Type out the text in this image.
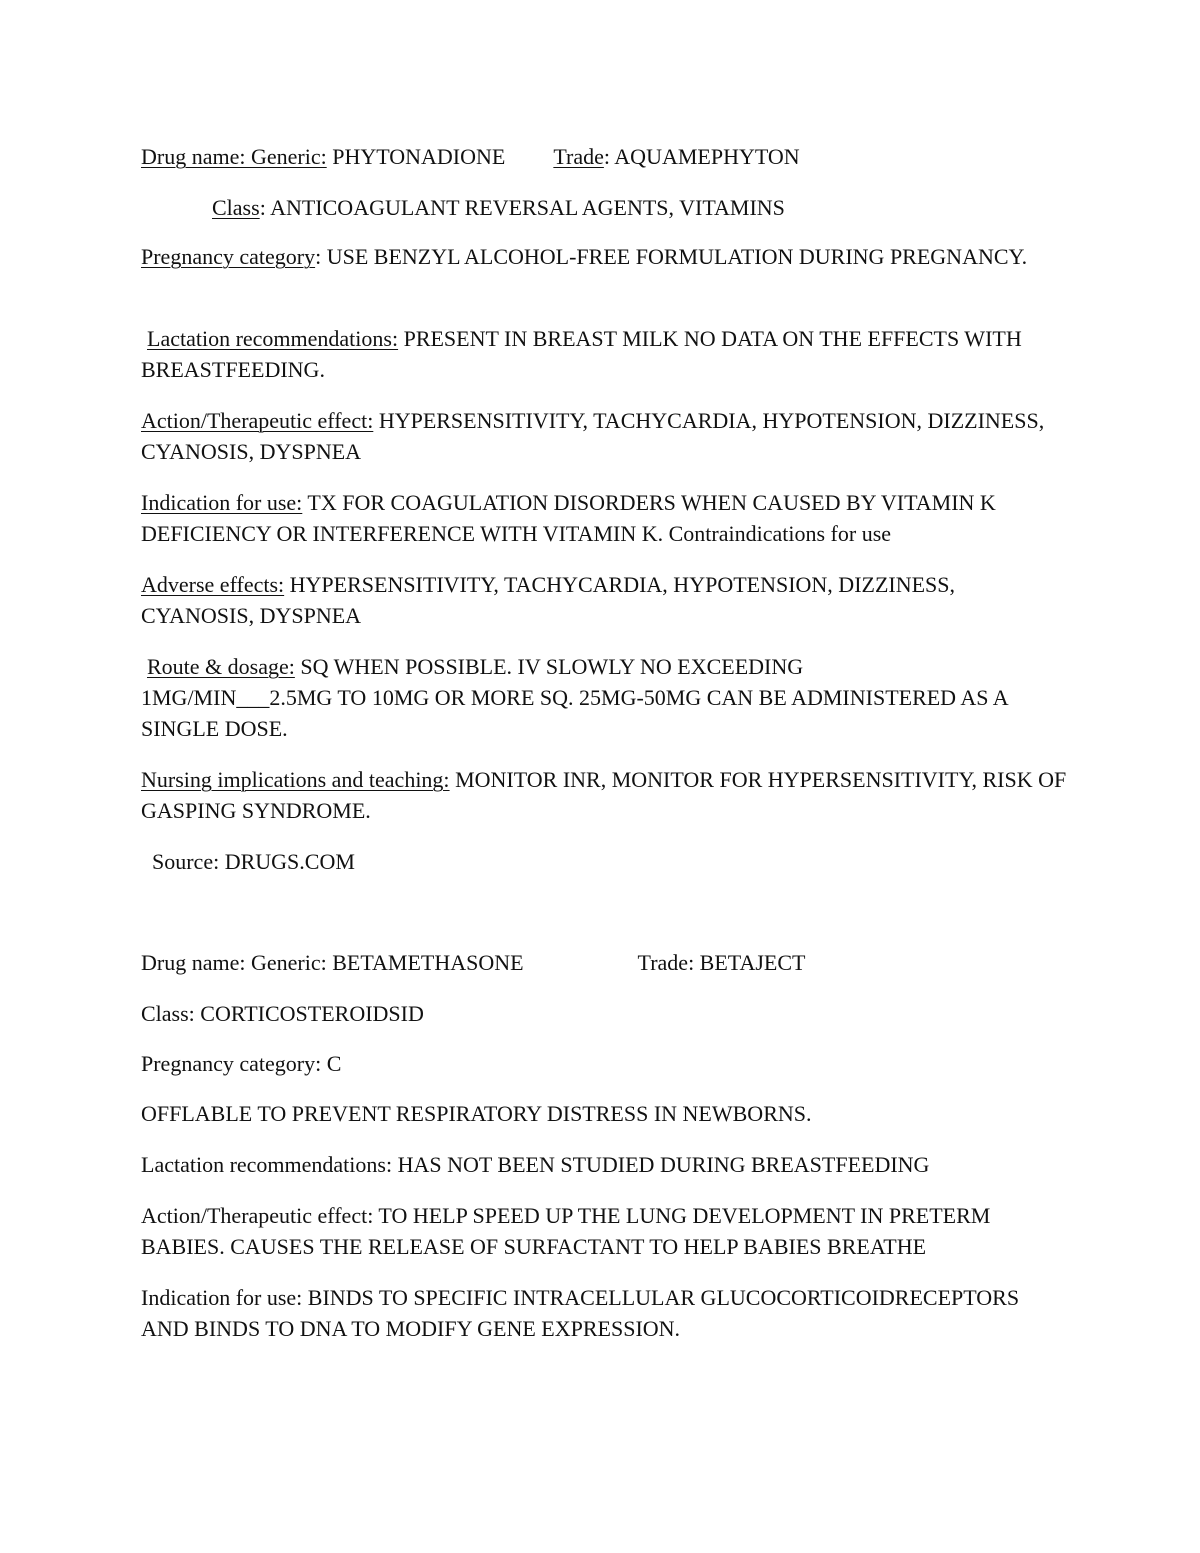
Drug name: Generic: PHYTONADIONE Trade: AQUAMEPHYTON

Class: ANTICOAGULANT REVERSAL AGENTS, VITAMINS

Pregnancy category: USE BENZYL ALCOHOL-FREE FORMULATION DURING PREGNANCY.

Lactation recommendations: PRESENT IN BREAST MILK NO DATA ON THE EFFECTS WITH BREASTFEEDING.

Action/Therapeutic effect: HYPERSENSITIVITY, TACHYCARDIA, HYPOTENSION, DIZZINESS, CYANOSIS, DYSPNEA

Indication for use: TX FOR COAGULATION DISORDERS WHEN CAUSED BY VITAMIN K DEFICIENCY OR INTERFERENCE WITH VITAMIN K. Contraindications for use

Adverse effects: HYPERSENSITIVITY, TACHYCARDIA, HYPOTENSION, DIZZINESS, CYANOSIS, DYSPNEA

Route & dosage: SQ WHEN POSSIBLE. IV SLOWLY NO EXCEEDING
1MG/MIN___2.5MG TO 10MG OR MORE SQ. 25MG-50MG CAN BE ADMINISTERED AS A SINGLE DOSE.

Nursing implications and teaching: MONITOR INR, MONITOR FOR HYPERSENSITIVITY, RISK OF GASPING SYNDROME.

Source: DRUGS.COM

Drug name: Generic: BETAMETHASONE	Trade: BETAJECT

Class: CORTICOSTEROIDSID

Pregnancy category: C

OFFLABLE TO PREVENT RESPIRATORY DISTRESS IN NEWBORNS.

Lactation recommendations: HAS NOT BEEN STUDIED DURING BREASTFEEDING

Action/Therapeutic effect: TO HELP SPEED UP THE LUNG DEVELOPMENT IN PRETERM BABIES. CAUSES THE RELEASE OF SURFACTANT TO HELP BABIES BREATHE

Indication for use: BINDS TO SPECIFIC INTRACELLULAR GLUCOCORTICOIDRECEPTORS AND BINDS TO DNA TO MODIFY GENE EXPRESSION.
